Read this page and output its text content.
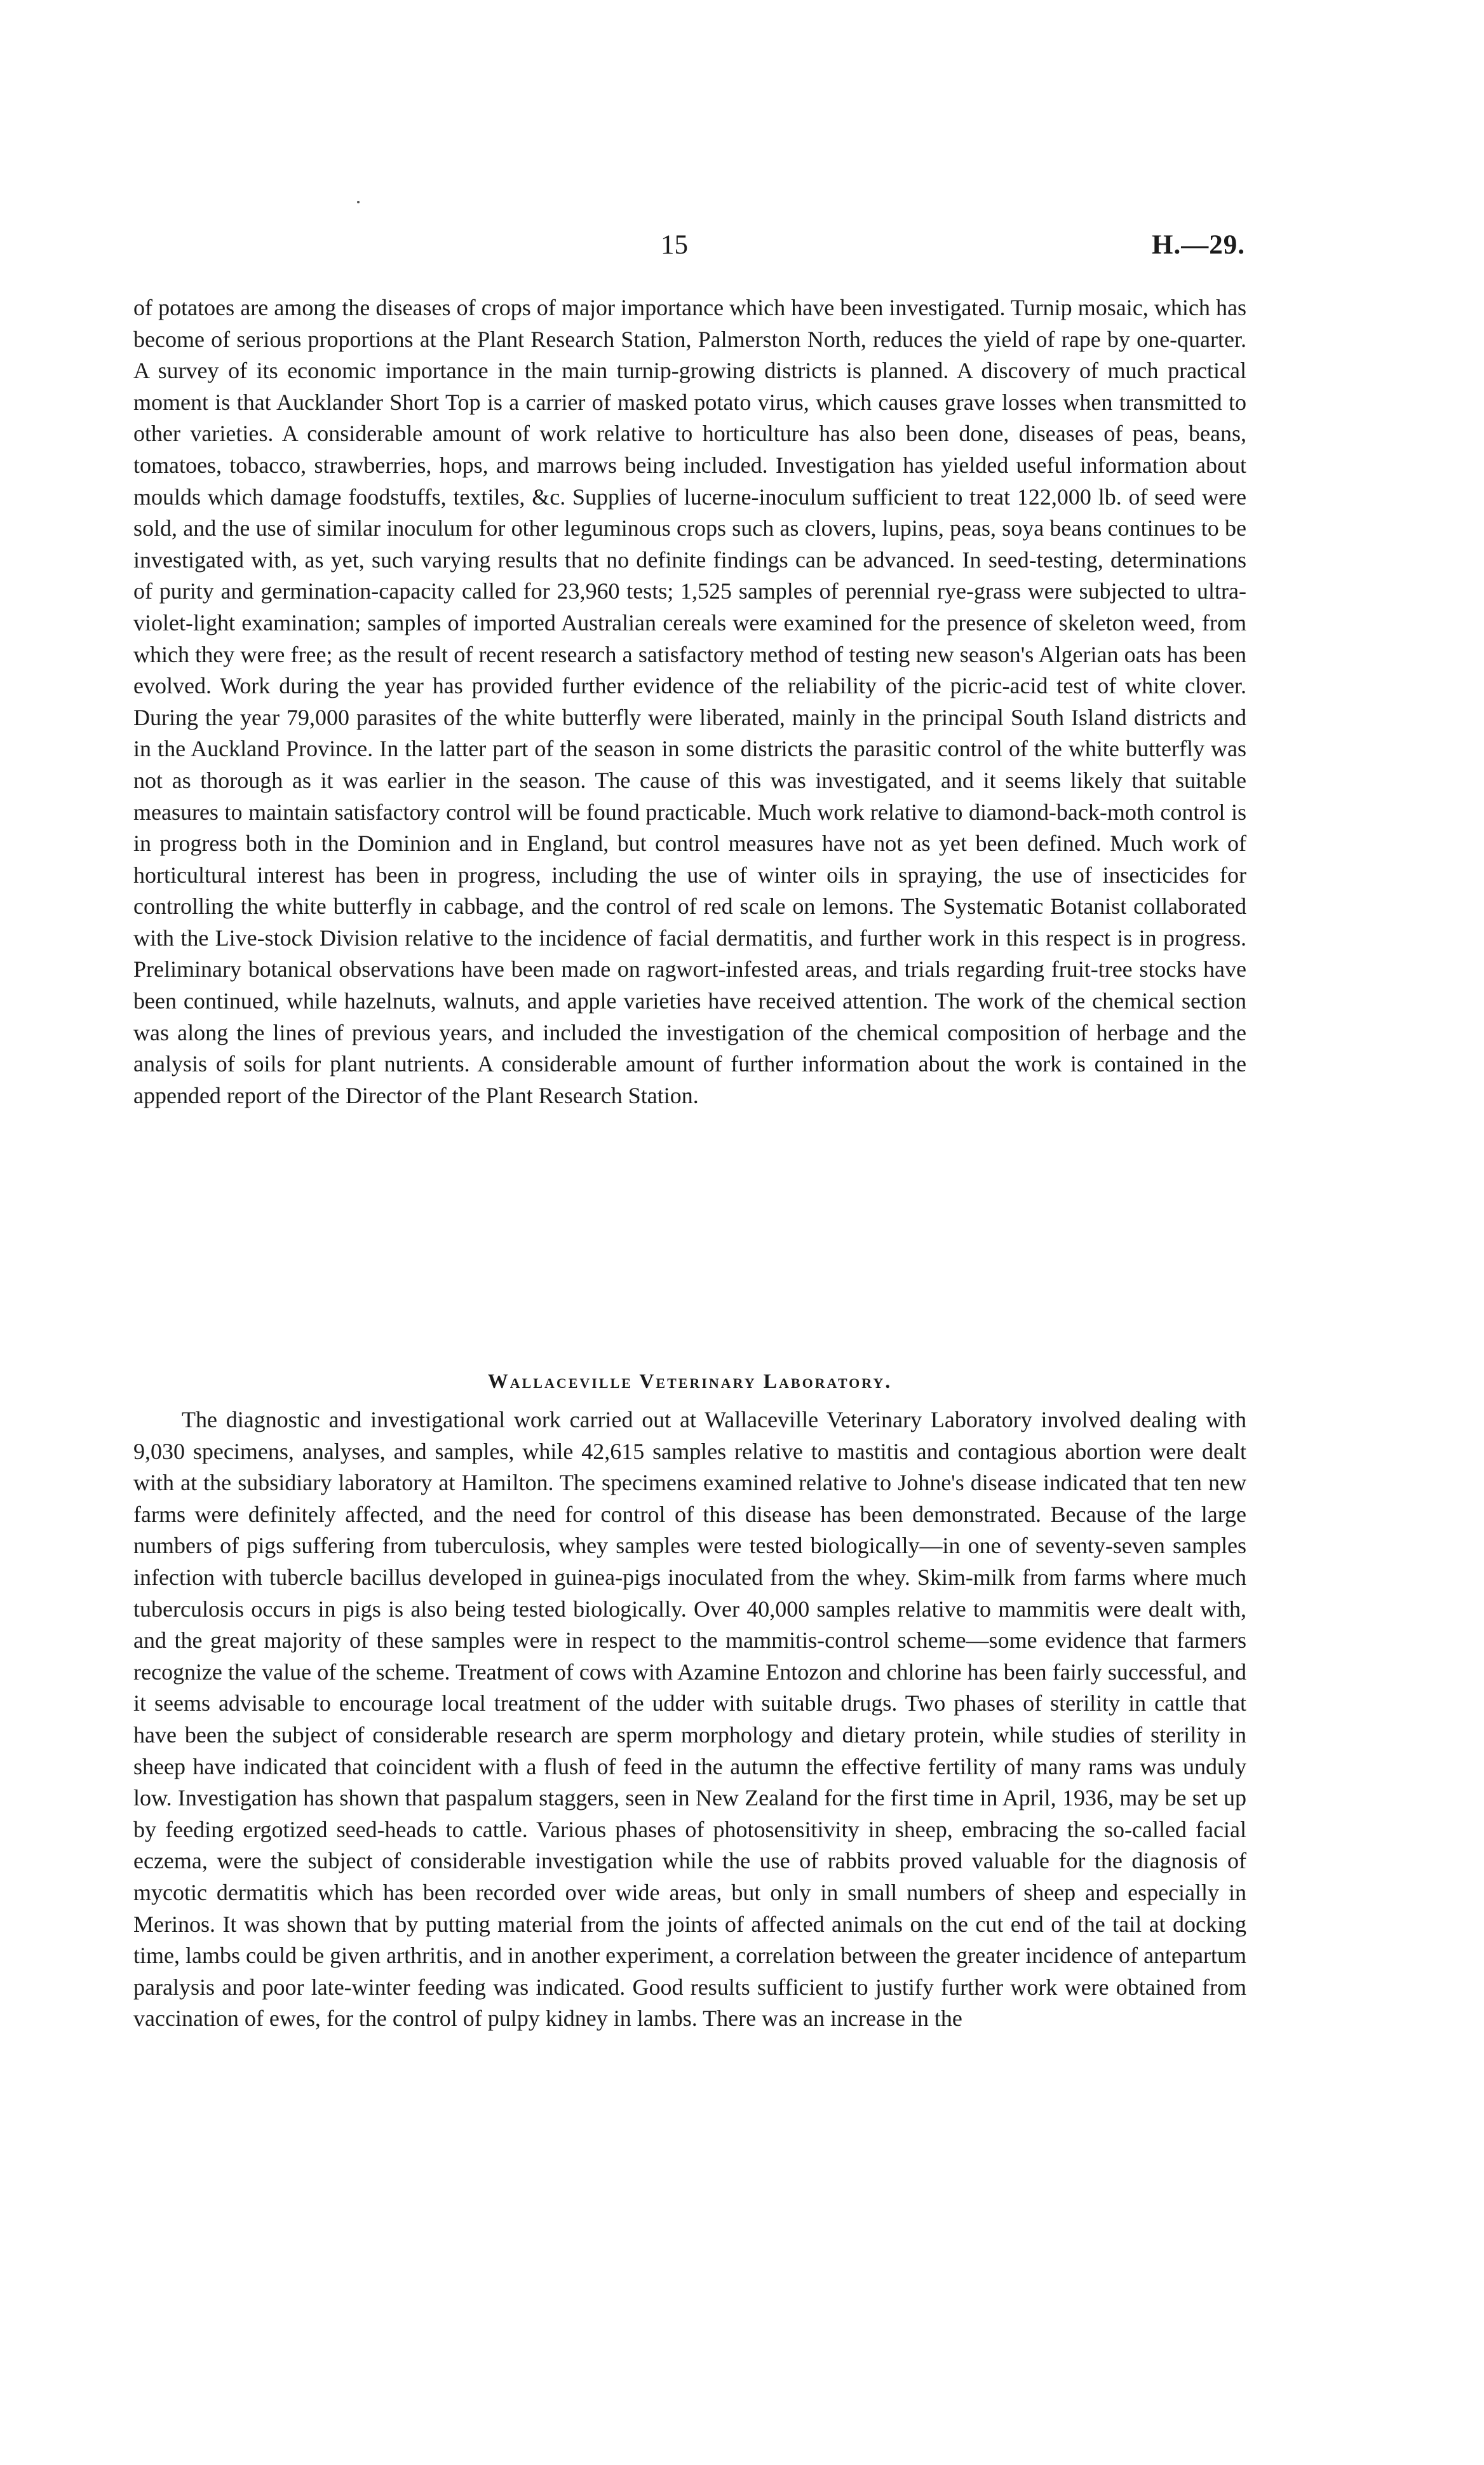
15	H.—29.

of potatoes are among the diseases of crops of major importance which have been investigated. Turnip mosaic, which has become of serious proportions at the Plant Research Station, Palmerston North, reduces the yield of rape by one-quarter. A survey of its economic importance in the main turnip-growing districts is planned. A discovery of much practical moment is that Aucklander Short Top is a carrier of masked potato virus, which causes grave losses when transmitted to other varieties. A considerable amount of work relative to horticulture has also been done, diseases of peas, beans, tomatoes, tobacco, strawberries, hops, and marrows being included. Investigation has yielded useful information about moulds which damage foodstuffs, textiles, &c. Supplies of lucerne-inoculum sufficient to treat 122,000 lb. of seed were sold, and the use of similar inoculum for other leguminous crops such as clovers, lupins, peas, soya beans continues to be investigated with, as yet, such varying results that no definite findings can be advanced. In seed-testing, determinations of purity and germination-capacity called for 23,960 tests; 1,525 samples of perennial rye-grass were subjected to ultra-violet-light examination; samples of imported Australian cereals were examined for the presence of skeleton weed, from which they were free; as the result of recent research a satisfactory method of testing new season's Algerian oats has been evolved. Work during the year has provided further evidence of the reliability of the picric-acid test of white clover. During the year 79,000 parasites of the white butterfly were liberated, mainly in the principal South Island districts and in the Auckland Province. In the latter part of the season in some districts the parasitic control of the white butterfly was not as thorough as it was earlier in the season. The cause of this was investigated, and it seems likely that suitable measures to maintain satisfactory control will be found practicable. Much work relative to diamond-back-moth control is in progress both in the Dominion and in England, but control measures have not as yet been defined. Much work of horticultural interest has been in progress, including the use of winter oils in spraying, the use of insecticides for controlling the white butterfly in cabbage, and the control of red scale on lemons. The Systematic Botanist collaborated with the Live-stock Division relative to the incidence of facial dermatitis, and further work in this respect is in progress. Preliminary botanical observations have been made on ragwort-infested areas, and trials regarding fruit-tree stocks have been continued, while hazelnuts, walnuts, and apple varieties have received attention. The work of the chemical section was along the lines of previous years, and included the investigation of the chemical composition of herbage and the analysis of soils for plant nutrients. A considerable amount of further information about the work is contained in the appended report of the Director of the Plant Research Station.

Wallaceville Veterinary Laboratory.

The diagnostic and investigational work carried out at Wallaceville Veterinary Laboratory involved dealing with 9,030 specimens, analyses, and samples, while 42,615 samples relative to mastitis and contagious abortion were dealt with at the subsidiary laboratory at Hamilton. The specimens examined relative to Johne's disease indicated that ten new farms were definitely affected, and the need for control of this disease has been demonstrated. Because of the large numbers of pigs suffering from tuberculosis, whey samples were tested biologically—in one of seventy-seven samples infection with tubercle bacillus developed in guinea-pigs inoculated from the whey. Skim-milk from farms where much tuberculosis occurs in pigs is also being tested biologically. Over 40,000 samples relative to mammitis were dealt with, and the great majority of these samples were in respect to the mammitis-control scheme—some evidence that farmers recognize the value of the scheme. Treatment of cows with Azamine Entozon and chlorine has been fairly successful, and it seems advisable to encourage local treatment of the udder with suitable drugs. Two phases of sterility in cattle that have been the subject of considerable research are sperm morphology and dietary protein, while studies of sterility in sheep have indicated that coincident with a flush of feed in the autumn the effective fertility of many rams was unduly low. Investigation has shown that paspalum staggers, seen in New Zealand for the first time in April, 1936, may be set up by feeding ergotized seed-heads to cattle. Various phases of photosensitivity in sheep, embracing the so-called facial eczema, were the subject of considerable investigation while the use of rabbits proved valuable for the diagnosis of mycotic dermatitis which has been recorded over wide areas, but only in small numbers of sheep and especially in Merinos. It was shown that by putting material from the joints of affected animals on the cut end of the tail at docking time, lambs could be given arthritis, and in another experiment, a correlation between the greater incidence of antepartum paralysis and poor late-winter feeding was indicated. Good results sufficient to justify further work were obtained from vaccination of ewes, for the control of pulpy kidney in lambs. There was an increase in the
